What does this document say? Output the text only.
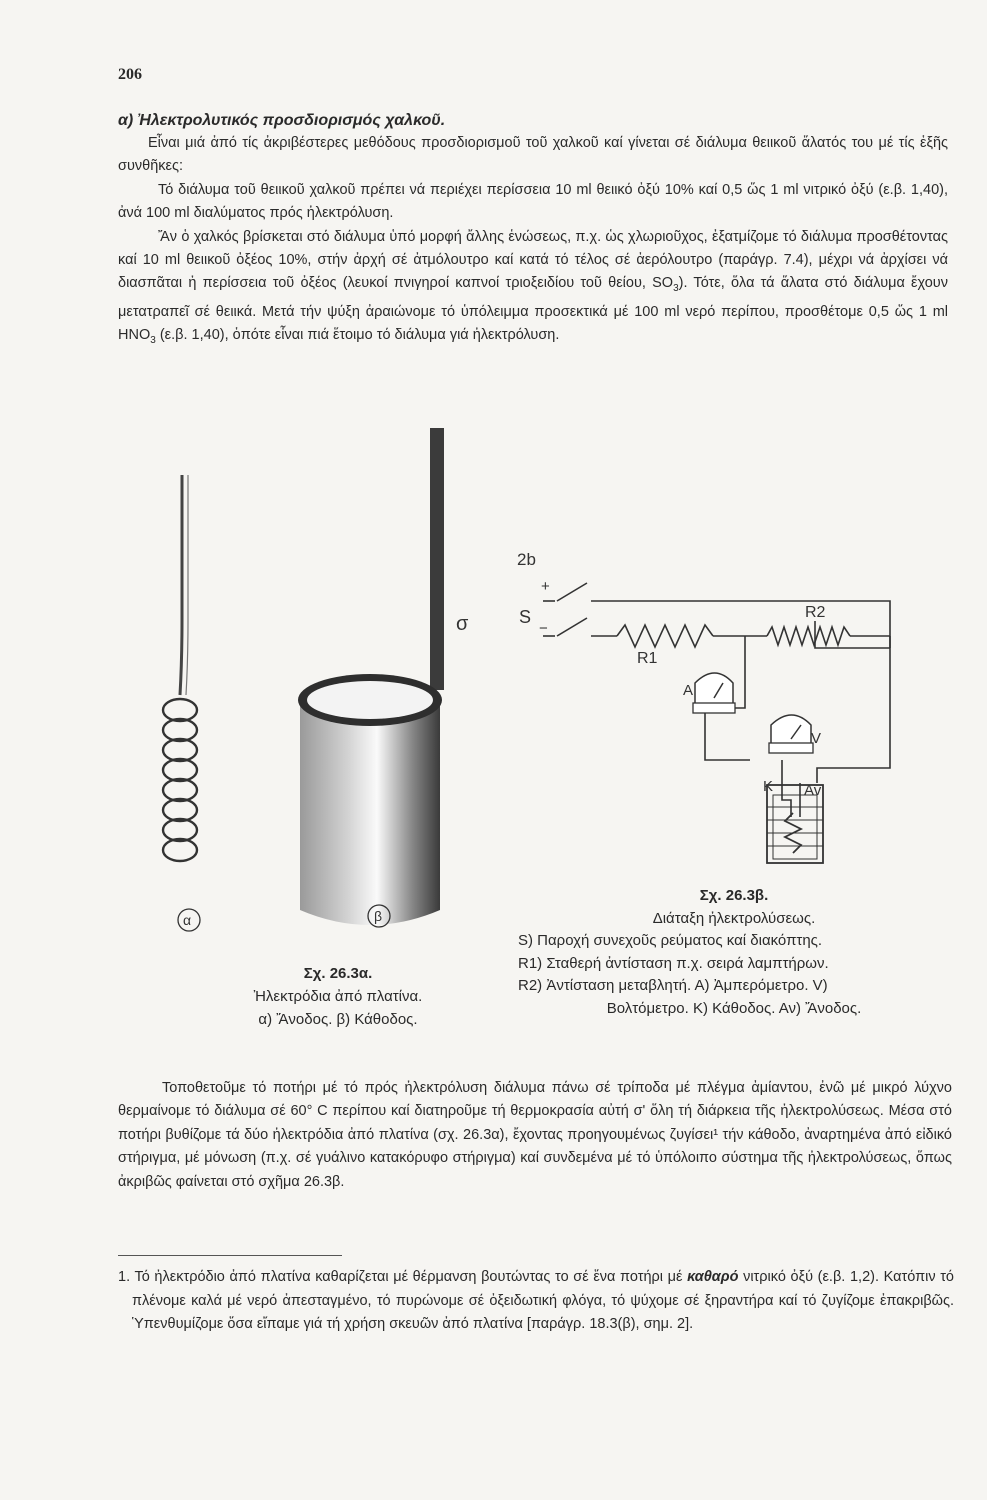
206
α) Ἠλεκτρολυτικός προσδιορισμός χαλκοῦ.

Εἶναι μιά ἀπό τίς ἀκριβέστερες μεθόδους προσδιορισμοῦ τοῦ χαλκοῦ καί γίνεται σέ διάλυμα θειικοῦ ἅλατός του μέ τίς ἑξῆς συνθῆκες:

Τό διάλυμα τοῦ θειικοῦ χαλκοῦ πρέπει νά περιέχει περίσσεια 10 ml θειικό ὀξύ 10% καί 0,5 ὥς 1 ml νιτρικό ὀξύ (ε.β. 1,40), ἀνά 100 ml διαλύματος πρός ἠλεκτρόλυση.

Ἄν ὁ χαλκός βρίσκεται στό διάλυμα ὑπό μορφή ἄλλης ἑνώσεως, π.χ. ὡς χλωριοῦχος, ἐξατμίζομε τό διάλυμα προσθέτοντας καί 10 ml θειικοῦ ὀξέος 10%, στήν ἀρχή σέ ἀτμόλουτρο καί κατά τό τέλος σέ ἀερόλουτρο (παράγρ. 7.4), μέχρι νά ἀρχίσει νά διασπᾶται ἡ περίσσεια τοῦ ὀξέος (λευκοί πνιγηροί καπνοί τριοξειδίου τοῦ θείου, $SO_3$). Τότε, ὅλα τά ἅλατα στό διάλυμα ἔχουν μετατραπεῖ σέ θειικά. Μετά τήν ψύξη ἀραιώνομε τό ὑπόλειμμα προσεκτικά μέ 100 ml νερό περίπου, προσθέτομε 0,5 ὥς 1 ml $HNO_3$ (ε.β. 1,40), ὁπότε εἶναι πιά ἕτοιμο τό διάλυμα γιά ἠλεκτρόλυση.

σ
α	β
Σχ. 26.3α.
Ἠλεκτρόδια ἀπό πλατίνα.
α) Ἄνοδος. β) Κάθοδος.
2b
+
S
−
R1
R2
A
V
K Av
Σχ. 26.3β.
Διάταξη ἠλεκτρολύσεως.
S) Παροχή συνεχοῦς ρεύματος καί διακόπτης.
R1) Σταθερή ἀντίσταση π.χ. σειρά λαμπτήρων.
R2) Ἀντίσταση μεταβλητή. Α) Ἀμπερόμετρο. V)
Βολτόμετρο. Κ) Κάθοδος. Αν) Ἄνοδος.

Τοποθετοῦμε τό ποτήρι μέ τό πρός ἠλεκτρόλυση διάλυμα πάνω σέ τρίποδα μέ πλέγμα ἀμίαντου, ἐνῶ μέ μικρό λύχνο θερμαίνομε τό διάλυμα σέ 60° C περίπου καί διατηροῦμε τή θερμοκρασία αὐτή σ' ὅλη τή διάρκεια τῆς ἠλεκτρολύσεως. Μέσα στό ποτήρι βυθίζομε τά δύο ἠλεκτρόδια ἀπό πλατίνα (σχ. 26.3α), ἔχοντας προηγουμένως ζυγίσει¹ τήν κάθοδο, ἀναρτημένα ἀπό εἰδικό στήριγμα, μέ μόνωση (π.χ. σέ γυάλινο κατακόρυφο στήριγμα) καί συνδεμένα μέ τό ὑπόλοιπο σύστημα τῆς ἠλεκτρολύσεως, ὅπως ἀκριβῶς φαίνεται στό σχῆμα 26.3β.

1. Τό ἠλεκτρόδιο ἀπό πλατίνα καθαρίζεται μέ θέρμανση βουτώντας το σέ ἕνα ποτήρι μέ καθαρό νιτρικό ὀξύ (ε.β. 1,2). Κατόπιν τό πλένομε καλά μέ νερό ἀπεσταγμένο, τό πυρώνομε σέ ὀξειδωτική φλόγα, τό ψύχομε σέ ξηραντήρα καί τό ζυγίζομε ἐπακριβῶς. Ὑπενθυμίζομε ὅσα εἴπαμε γιά τή χρήση σκευῶν ἀπό πλατίνα [παράγρ. 18.3(β), σημ. 2].
